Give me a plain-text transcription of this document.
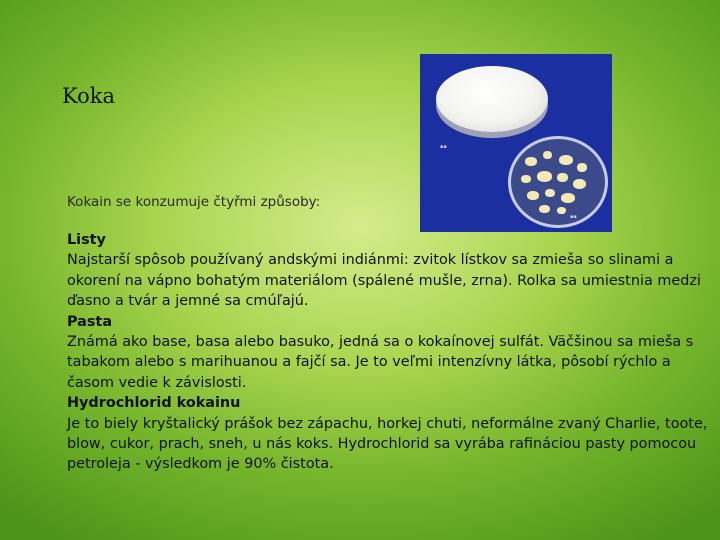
Koka
▪▪
▪▪
Kokain se konzumuje čtyřmi způsoby:

Listy

Najstarší spôsob používaný andskými indiánmi: zvitok lístkov sa zmieša so slinami a okorení na vápno bohatým materiálom (spálené mušle, zrna). Rolka sa umiestnia medzi ďasno a tvár a jemné sa cmúľajú.

Pasta

Známá ako base, basa alebo basuko, jedná sa o kokaínovej sulfát. Väčšinou sa mieša s tabakom alebo s marihuanou a fajčí sa. Je to veľmi intenzívny látka, pôsobí rýchlo a časom vedie k závislosti.

Hydrochlorid kokainu

Je to biely kryštalický prášok bez zápachu, horkej chuti, neformálne zvaný Charlie, toote, blow, cukor, prach, sneh, u nás koks. Hydrochlorid sa vyrába rafináciou pasty pomocou petroleja - výsledkom je 90% čistota.
